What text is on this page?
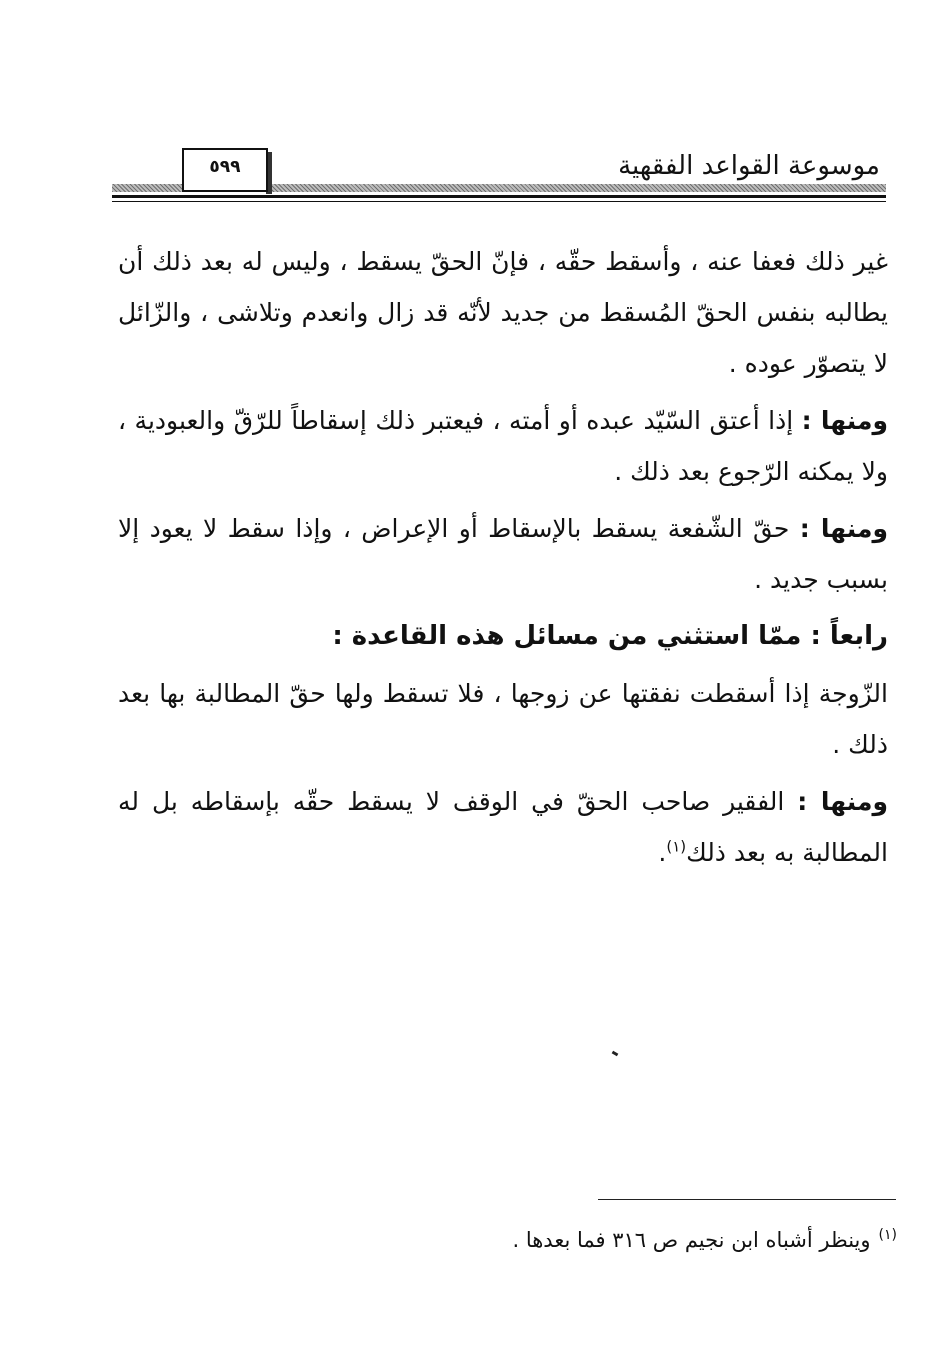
موسوعة القواعد الفقهية
٥٩٩

غير ذلك فعفا عنه ، وأسقط حقّه ، فإنّ الحقّ يسقط ، وليس له بعد ذلك أن يطالبه بنفس الحقّ المُسقط من جديد لأنّه قد زال وانعدم وتلاشى ، والزّائل لا يتصوّر عوده .

ومنها : إذا أعتق السّيّد عبده أو أمته ، فيعتبر ذلك إسقاطاً للرّقّ والعبودية ، ولا يمكنه الرّجوع بعد ذلك .

ومنها : حقّ الشّفعة يسقط بالإسقاط أو الإعراض ، وإذا سقط لا يعود إلا بسبب جديد .

رابعاً : ممّا استثني من مسائل هذه القاعدة :

الزّوجة إذا أسقطت نفقتها عن زوجها ، فلا تسقط ولها حقّ المطالبة بها بعد ذلك .

ومنها : الفقير صاحب الحقّ في الوقف لا يسقط حقّه بإسقاطه بل له المطالبة به بعد ذلك$^{(١)}$.

$^{(١)}$وينظر أشباه ابن نجيم ص ٣١٦ فما بعدها .
